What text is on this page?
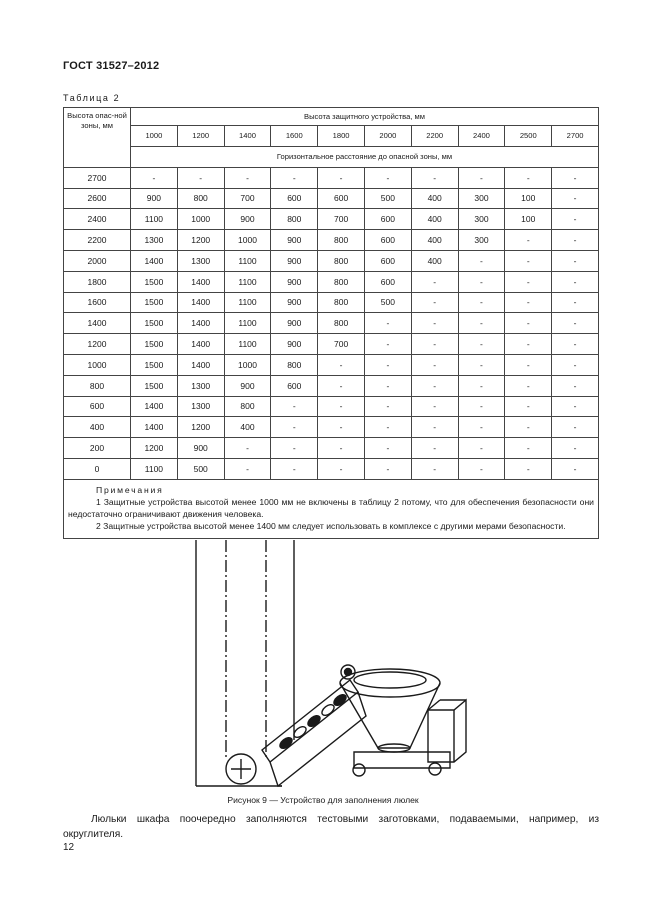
ГОСТ 31527–2012
Таблица 2
Высота опас-ной зоны, мм	Высота защитного устройства, мм									
	1000	1200	1400	1600	1800	2000	2200	2400	2500	2700
	Горизонтальное расстояние до опасной зоны, мм									
2700	-	-	-	-	-	-	-	-	-	-
2600	900	800	700	600	600	500	400	300	100	-
2400	1100	1000	900	800	700	600	400	300	100	-
2200	1300	1200	1000	900	800	600	400	300	-	-
2000	1400	1300	1100	900	800	600	400	-	-	-
1800	1500	1400	1100	900	800	600	-	-	-	-
1600	1500	1400	1100	900	800	500	-	-	-	-
1400	1500	1400	1100	900	800	-	-	-	-	-
1200	1500	1400	1100	900	700	-	-	-	-	-
1000	1500	1400	1000	800	-	-	-	-	-	-
800	1500	1300	900	600	-	-	-	-	-	-
600	1400	1300	800	-	-	-	-	-	-	-
400	1400	1200	400	-	-	-	-	-	-	-
200	1200	900	-	-	-	-	-	-	-	-
0	1100	500	-	-	-	-	-	-	-	-

Примечания
1 Защитные устройства высотой менее 1000 мм не включены в таблицу 2 потому, что для обеспечения безопасности они недостаточно ограничивают движения человека.
2 Защитные устройства высотой менее 1400 мм следует использовать в комплексе с другими мерами безопасности.										
Рисунок 9 — Устройство для заполнения люлек
Люльки шкафа поочередно заполняются тестовыми заготовками, подаваемыми, например, из округлителя.
12
